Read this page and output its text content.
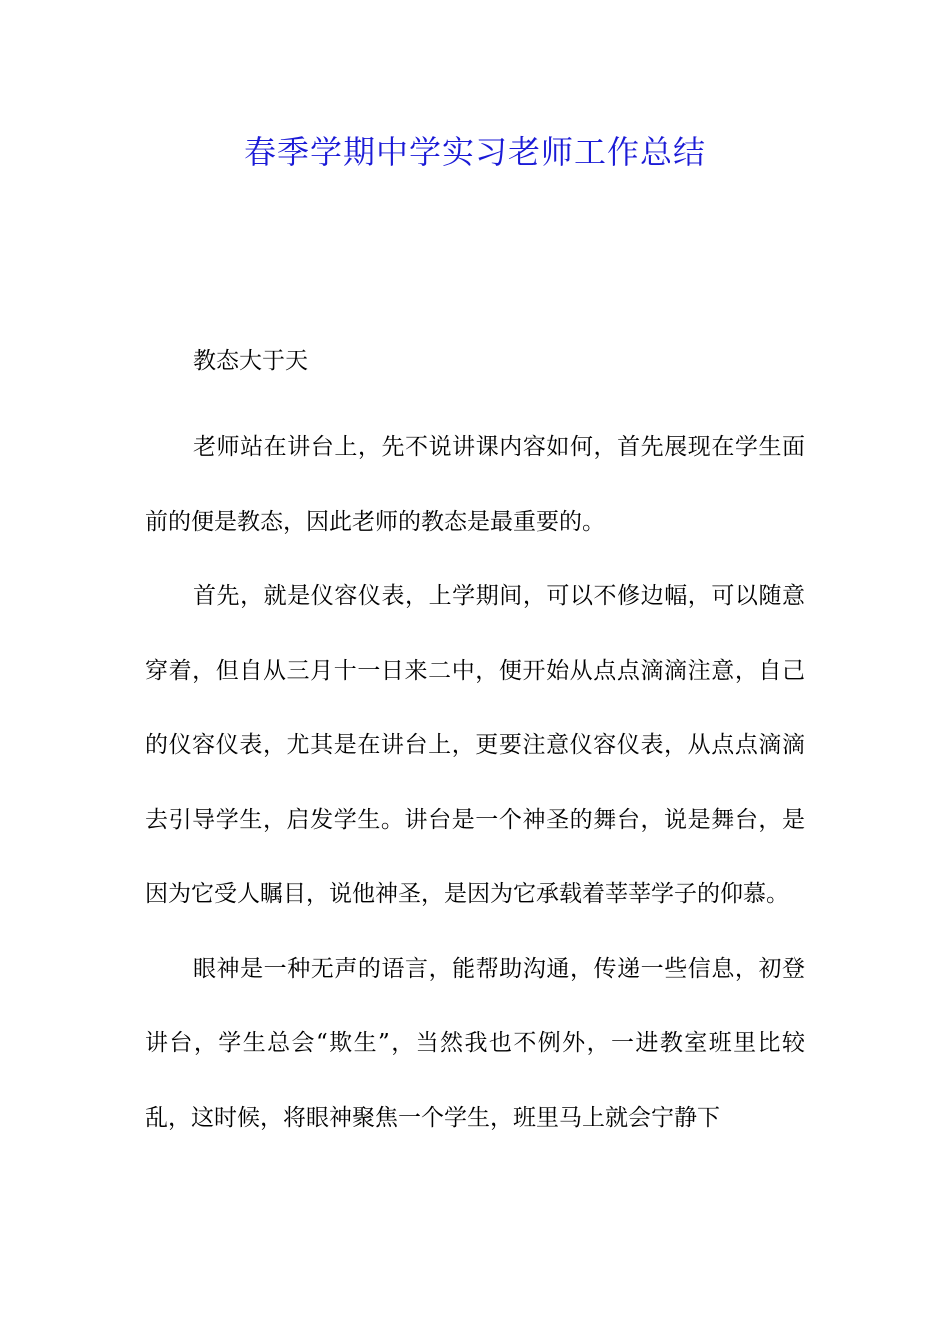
春季学期中学实习老师工作总结

教态大于天

老师站在讲台上，先不说讲课内容如何，首先展现在学生面前的便是教态，因此老师的教态是最重要的。

首先，就是仪容仪表，上学期间，可以不修边幅，可以随意穿着，但自从三月十一日来二中，便开始从点点滴滴注意，自己的仪容仪表，尤其是在讲台上，更要注意仪容仪表，从点点滴滴去引导学生，启发学生。讲台是一个神圣的舞台，说是舞台，是因为它受人瞩目，说他神圣，是因为它承载着莘莘学子的仰慕。

眼神是一种无声的语言，能帮助沟通，传递一些信息，初登讲台，学生总会“欺生”，当然我也不例外，一进教室班里比较乱，这时候，将眼神聚焦一个学生，班里马上就会宁静下
